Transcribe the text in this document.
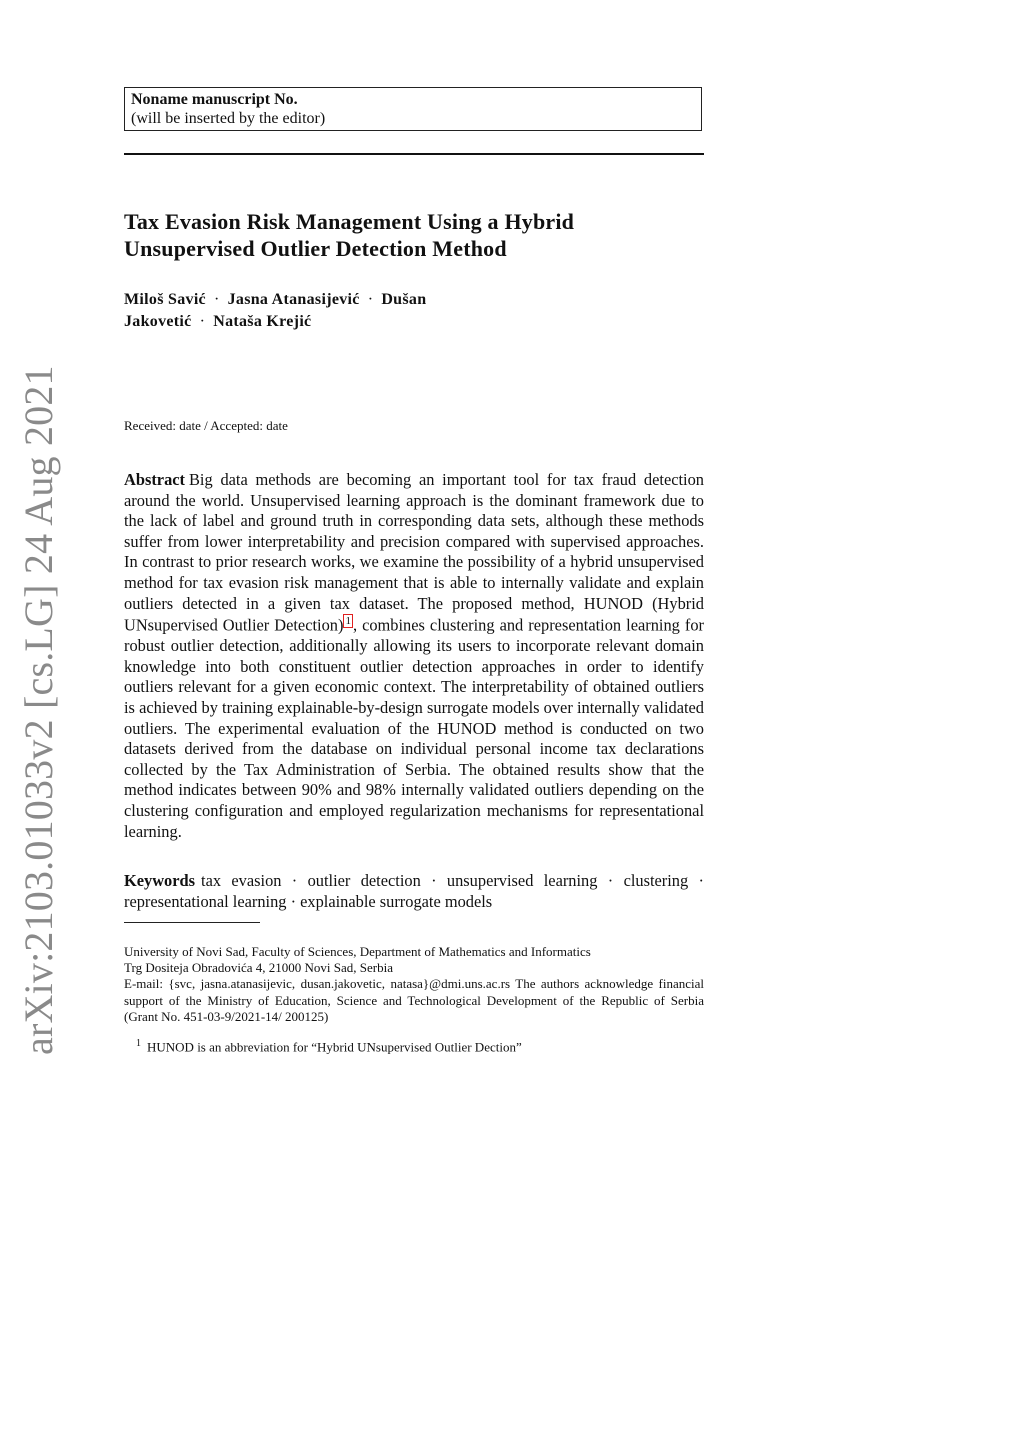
arXiv:2103.01033v2 [cs.LG] 24 Aug 2021
Noname manuscript No.
(will be inserted by the editor)
Tax Evasion Risk Management Using a Hybrid
Unsupervised Outlier Detection Method
Miloš Savić · Jasna Atanasijević · Dušan
Jakovetić · Nataša Krejić
Received: date / Accepted: date
Abstract Big data methods are becoming an important tool for tax fraud detection around the world. Unsupervised learning approach is the dominant framework due to the lack of label and ground truth in corresponding data sets, although these methods suffer from lower interpretability and precision compared with supervised approaches. In contrast to prior research works, we examine the possibility of a hybrid unsupervised method for tax evasion risk management that is able to internally validate and explain outliers detected in a given tax dataset. The proposed method, HUNOD (Hybrid UNsupervised Outlier Detection) 1 , combines clustering and representation learning for robust outlier detection, additionally allowing its users to incorporate relevant domain knowledge into both constituent outlier detection approaches in order to identify outliers relevant for a given economic context. The interpretability of obtained outliers is achieved by training explainable-by-design surrogate models over internally validated outliers. The experimental evaluation of the HUNOD method is conducted on two datasets derived from the database on individual personal income tax declarations collected by the Tax Administration of Serbia. The obtained results show that the method indicates between 90% and 98% internally validated outliers depending on the clustering configuration and employed regularization mechanisms for representational learning.
Keywords tax evasion · outlier detection · unsupervised learning · clustering · representational learning · explainable surrogate models
University of Novi Sad, Faculty of Sciences, Department of Mathematics and Informatics
Trg Dositeja Obradovića 4, 21000 Novi Sad, Serbia
E-mail: {svc, jasna.atanasijevic, dusan.jakovetic, natasa}@dmi.uns.ac.rs The authors acknowledge financial support of the Ministry of Education, Science and Technological Development of the Republic of Serbia (Grant No. 451-03-9/2021-14/ 200125)
$^1$ HUNOD is an abbreviation for “Hybrid UNsupervised Outlier Dection”
